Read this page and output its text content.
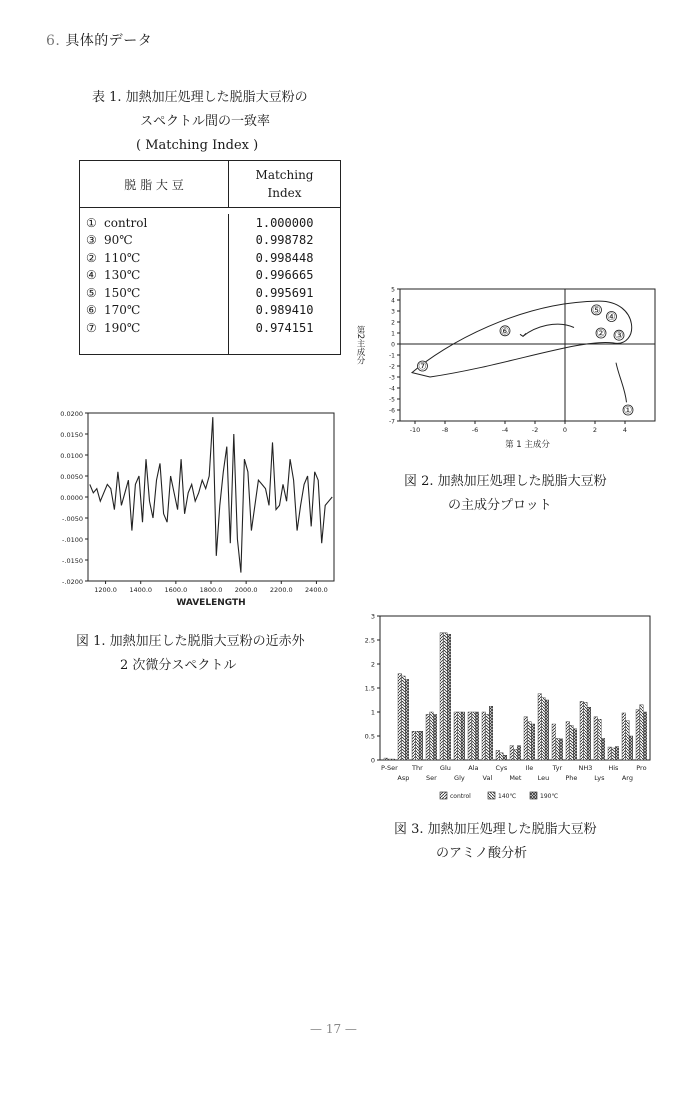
6. 具体的データ
表 1. 加熱加圧処理した脱脂大豆粉の
スペクトル間の一致率
( Matching Index )
脱 脂 大 豆	Matching
Index

① control	1.000000
③ 90℃	0.998782
② 110℃	0.998448
④ 130℃	0.996665
⑤ 150℃	0.995691
⑥ 170℃	0.989410
⑦ 190℃	0.974151

0.0200
0.0150
0.0100
0.0050
0.0000
-.0050
-.0100
-.0150
-.0200
1200.0 1400.0 1600.0 1800.0 2000.0 2200.0 2400.0
WAVELENGTH
図 1. 加熱加圧した脱脂大豆粉の近赤外
2 次微分スペクトル
5
4
3
2
1
0
-1
-2
-3
-4
-5
-6
-7
-10	-8	-6	-4	-2	0	2	4
第 1 主成分
第2主成分
①
② ③
⑤
④
⑥
⑦
図 2. 加熱加圧処理した脱脂大豆粉
の主成分プロット
3
2.5
2
1.5
1
0.5
0
P-Ser
Asp
Thr
Ser
Glu
Gly
Ala
Val
Cys
Met
Ile
Leu
Tyr
Phe
NH3
Lys
His
Arg
Pro
control	140℃	190℃
図 3. 加熱加圧処理した脱脂大豆粉
のアミノ酸分析
— 17 —
